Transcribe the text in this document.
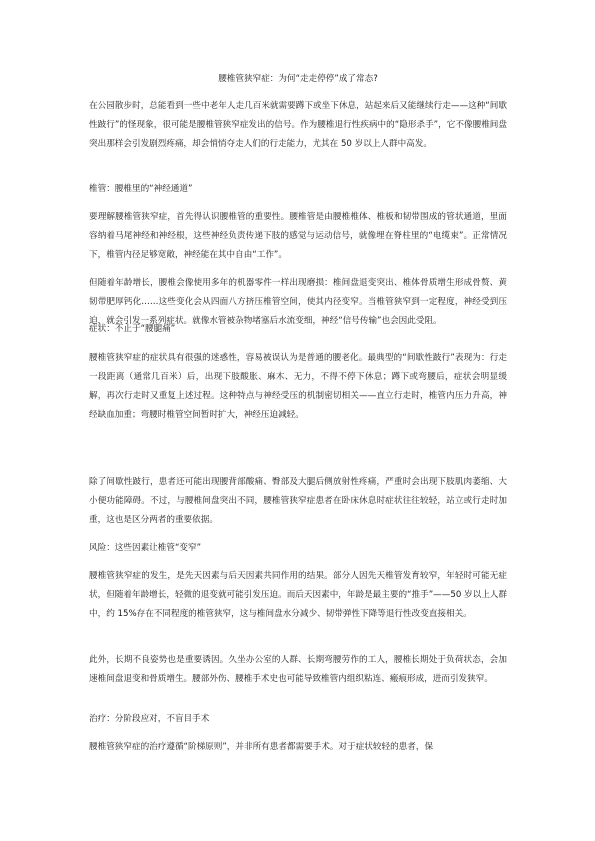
腰椎管狭窄症：为何“走走停停”成了常态?

在公园散步时，总能看到一些中老年人走几百米就需要蹲下或坐下休息，站起来后又能继续行走——这种“间歇性跛行”的怪现象，很可能是腰椎管狭窄症发出的信号。作为腰椎退行性疾病中的“隐形杀手”，它不像腰椎间盘突出那样会引发剧烈疼痛，却会悄悄夺走人们的行走能力，尤其在 50 岁以上人群中高发。

椎管：腰椎里的“神经通道”

要理解腰椎管狭窄症，首先得认识腰椎管的重要性。腰椎管是由腰椎椎体、椎板和韧带围成的管状通道，里面容纳着马尾神经和神经根，这些神经负责传递下肢的感觉与运动信号，就像埋在脊柱里的“电缆束”。正常情况下，椎管内径足够宽敞，神经能在其中自由“工作”。

但随着年龄增长，腰椎会像使用多年的机器零件一样出现磨损：椎间盘退变突出、椎体骨质增生形成骨赘、黄韧带肥厚钙化……这些变化会从四面八方挤压椎管空间，使其内径变窄。当椎管狭窄到一定程度，神经受到压迫，就会引发一系列症状。就像水管被杂物堵塞后水流变细，神经“信号传输”也会因此受阻。

症状：不止于“腰腿痛”

腰椎管狭窄症的症状具有很强的迷惑性，容易被误认为是普通的腰老化。最典型的“间歇性跛行”表现为：行走一段距离（通常几百米）后，出现下肢酸胀、麻木、无力，不得不停下休息；蹲下或弯腰后，症状会明显缓解，再次行走时又重复上述过程。这种特点与神经受压的机制密切相关——直立行走时，椎管内压力升高，神经缺血加重；弯腰时椎管空间暂时扩大，神经压迫减轻。

除了间歇性跛行，患者还可能出现腰背部酸痛、臀部及大腿后侧放射性疼痛，严重时会出现下肢肌肉萎缩、大小便功能障碍。不过，与腰椎间盘突出不同，腰椎管狭窄症患者在卧床休息时症状往往较轻，站立或行走时加重，这也是区分两者的重要依据。

风险：这些因素让椎管“变窄”

腰椎管狭窄症的发生，是先天因素与后天因素共同作用的结果。部分人因先天椎管发育较窄，年轻时可能无症状，但随着年龄增长，轻微的退变就可能引发压迫。而后天因素中，年龄是最主要的“推手”——50 岁以上人群中，约 15%存在不同程度的椎管狭窄，这与椎间盘水分减少、韧带弹性下降等退行性改变直接相关。

此外，长期不良姿势也是重要诱因。久坐办公室的人群、长期弯腰劳作的工人，腰椎长期处于负荷状态，会加速椎间盘退变和骨质增生。腰部外伤、腰椎手术史也可能导致椎管内组织粘连、瘢痕形成，进而引发狭窄。

治疗：分阶段应对，不盲目手术

腰椎管狭窄症的治疗遵循“阶梯原则”，并非所有患者都需要手术。对于症状较轻的患者，保
